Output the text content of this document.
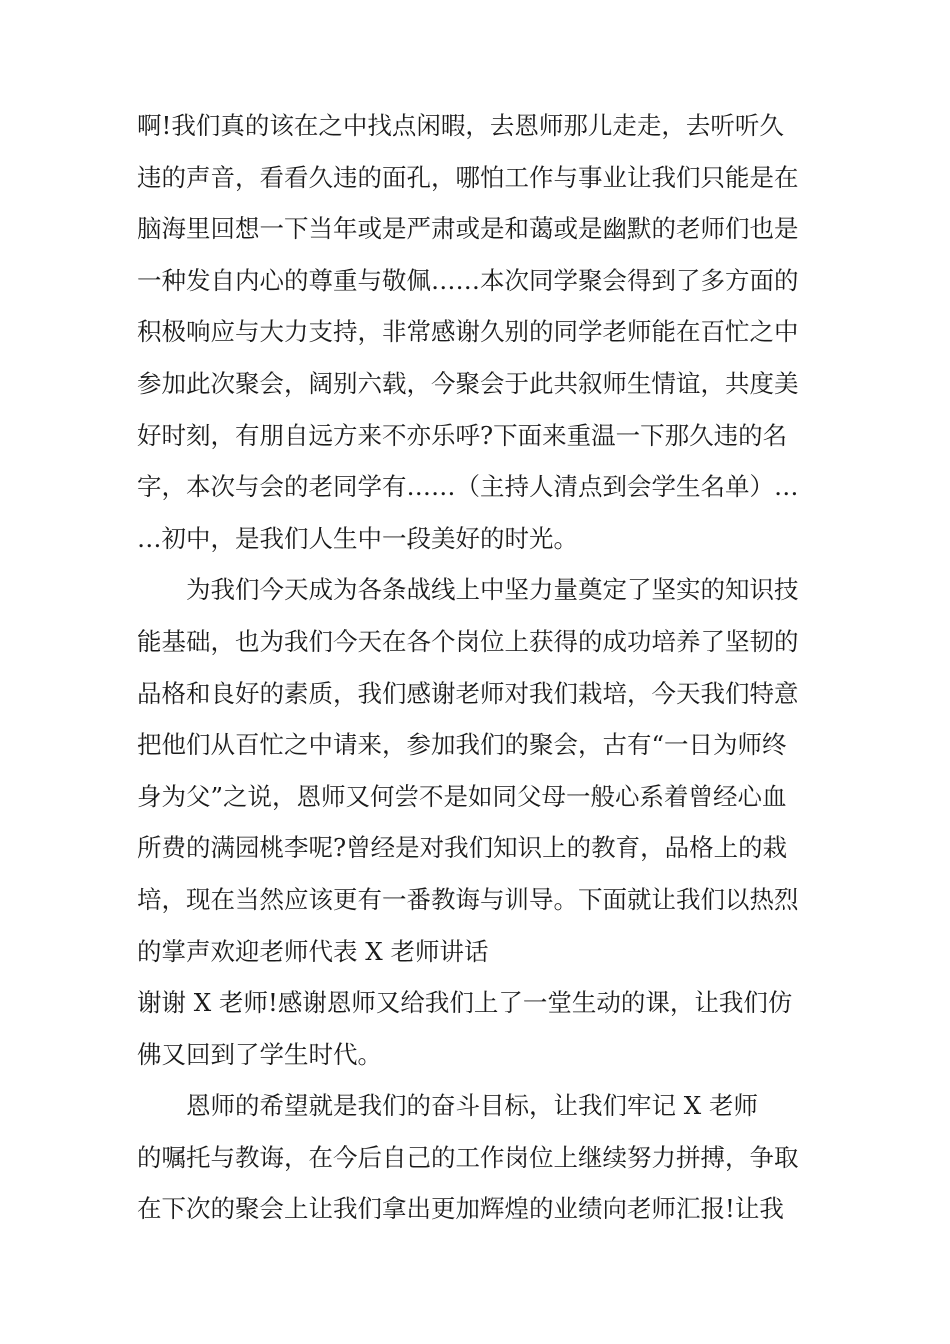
啊!我们真的该在之中找点闲暇，去恩师那儿走走，去听听久
违的声音，看看久违的面孔，哪怕工作与事业让我们只能是在
脑海里回想一下当年或是严肃或是和蔼或是幽默的老师们也是
一种发自内心的尊重与敬佩……本次同学聚会得到了多方面的
积极响应与大力支持，非常感谢久别的同学老师能在百忙之中
参加此次聚会，阔别六载，今聚会于此共叙师生情谊，共度美
好时刻，有朋自远方来不亦乐呼?下面来重温一下那久违的名
字，本次与会的老同学有……（主持人清点到会学生名单）…
…初中，是我们人生中一段美好的时光。
为我们今天成为各条战线上中坚力量奠定了坚实的知识技
能基础，也为我们今天在各个岗位上获得的成功培养了坚韧的
品格和良好的素质，我们感谢老师对我们栽培，今天我们特意
把他们从百忙之中请来，参加我们的聚会，古有“一日为师终
身为父”之说，恩师又何尝不是如同父母一般心系着曾经心血
所费的满园桃李呢?曾经是对我们知识上的教育，品格上的栽
培，现在当然应该更有一番教诲与训导。下面就让我们以热烈
的掌声欢迎老师代表 X 老师讲话
谢谢 X 老师!感谢恩师又给我们上了一堂生动的课，让我们仿
佛又回到了学生时代。
恩师的希望就是我们的奋斗目标，让我们牢记 X 老师
的嘱托与教诲，在今后自己的工作岗位上继续努力拼搏，争取
在下次的聚会上让我们拿出更加辉煌的业绩向老师汇报!让我
